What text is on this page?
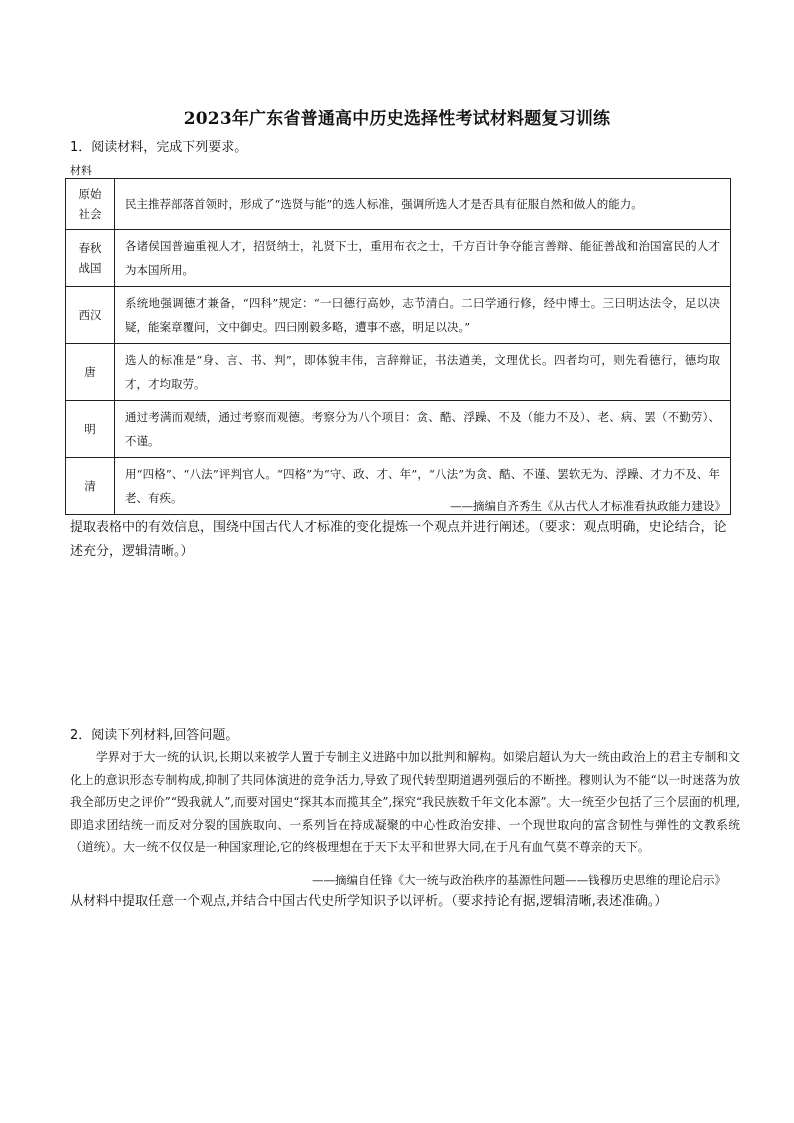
2023年广东省普通高中历史选择性考试材料题复习训练
1．阅读材料，完成下列要求。
材料
原始社会	民主推荐部落首领时，形成了“选贤与能”的选人标准，强调所选人才是否具有征服自然和做人的能力。
春秋战国	各诸侯国普遍重视人才，招贤纳士，礼贤下士，重用布衣之士，千方百计争夺能言善辩、能征善战和治国富民的人才为本国所用。
西汉	系统地强调德才兼备，“四科”规定：“一曰德行高妙，志节清白。二曰学通行修，经中博士。三曰明达法令，足以决疑，能案章覆问，文中御史。四曰刚毅多略，遭事不惑，明足以决。”
唐	选人的标准是“身、言、书、判”，即体貌丰伟，言辞辩证，书法遒美，文理优长。四者均可，则先看德行，德均取才，才均取劳。
明	通过考满而观绩，通过考察而观德。考察分为八个项目：贪、酷、浮躁、不及（能力不及）、老、病、罢（不勤劳）、不谨。
清	用“四格”、“八法”评判官人。“四格”为“守、政、才、年”，“八法”为贪、酷、不谨、罢软无为、浮躁、才力不及、年老、有疾。
——摘编自齐秀生《从古代人才标准看执政能力建设》
提取表格中的有效信息，围绕中国古代人才标准的变化提炼一个观点并进行阐述。（要求：观点明确，史论结合，论述充分，逻辑清晰。）
2．阅读下列材料,回答问题。

学界对于大一统的认识,长期以来被学人置于专制主义进路中加以批判和解构。如梁启超认为大一统由政治上的君主专制和文化上的意识形态专制构成,抑制了共同体演进的竞争活力,导致了现代转型期道遇列强后的不断挫。穆则认为不能“以一时迷落为放我全部历史之评价”“毁我就人”,而要对国史“探其本而揽其全”,探究“我民族数千年文化本源”。大一统至少包括了三个层面的机理,即追求团结统一而反对分裂的国族取向、一系列旨在持成凝聚的中心性政治安排、一个现世取向的富含韧性与弹性的文教系统（道统）。大一统不仅仅是一种国家理论,它的终极理想在于天下太平和世界大同,在于凡有血气莫不尊亲的天下。

——摘编自任锋《大一统与政治秩序的基源性问题——钱穆历史思维的理论启示》
从材料中提取任意一个观点,并结合中国古代史所学知识予以评析。（要求持论有据,逻辑清晰,表述准确。）
